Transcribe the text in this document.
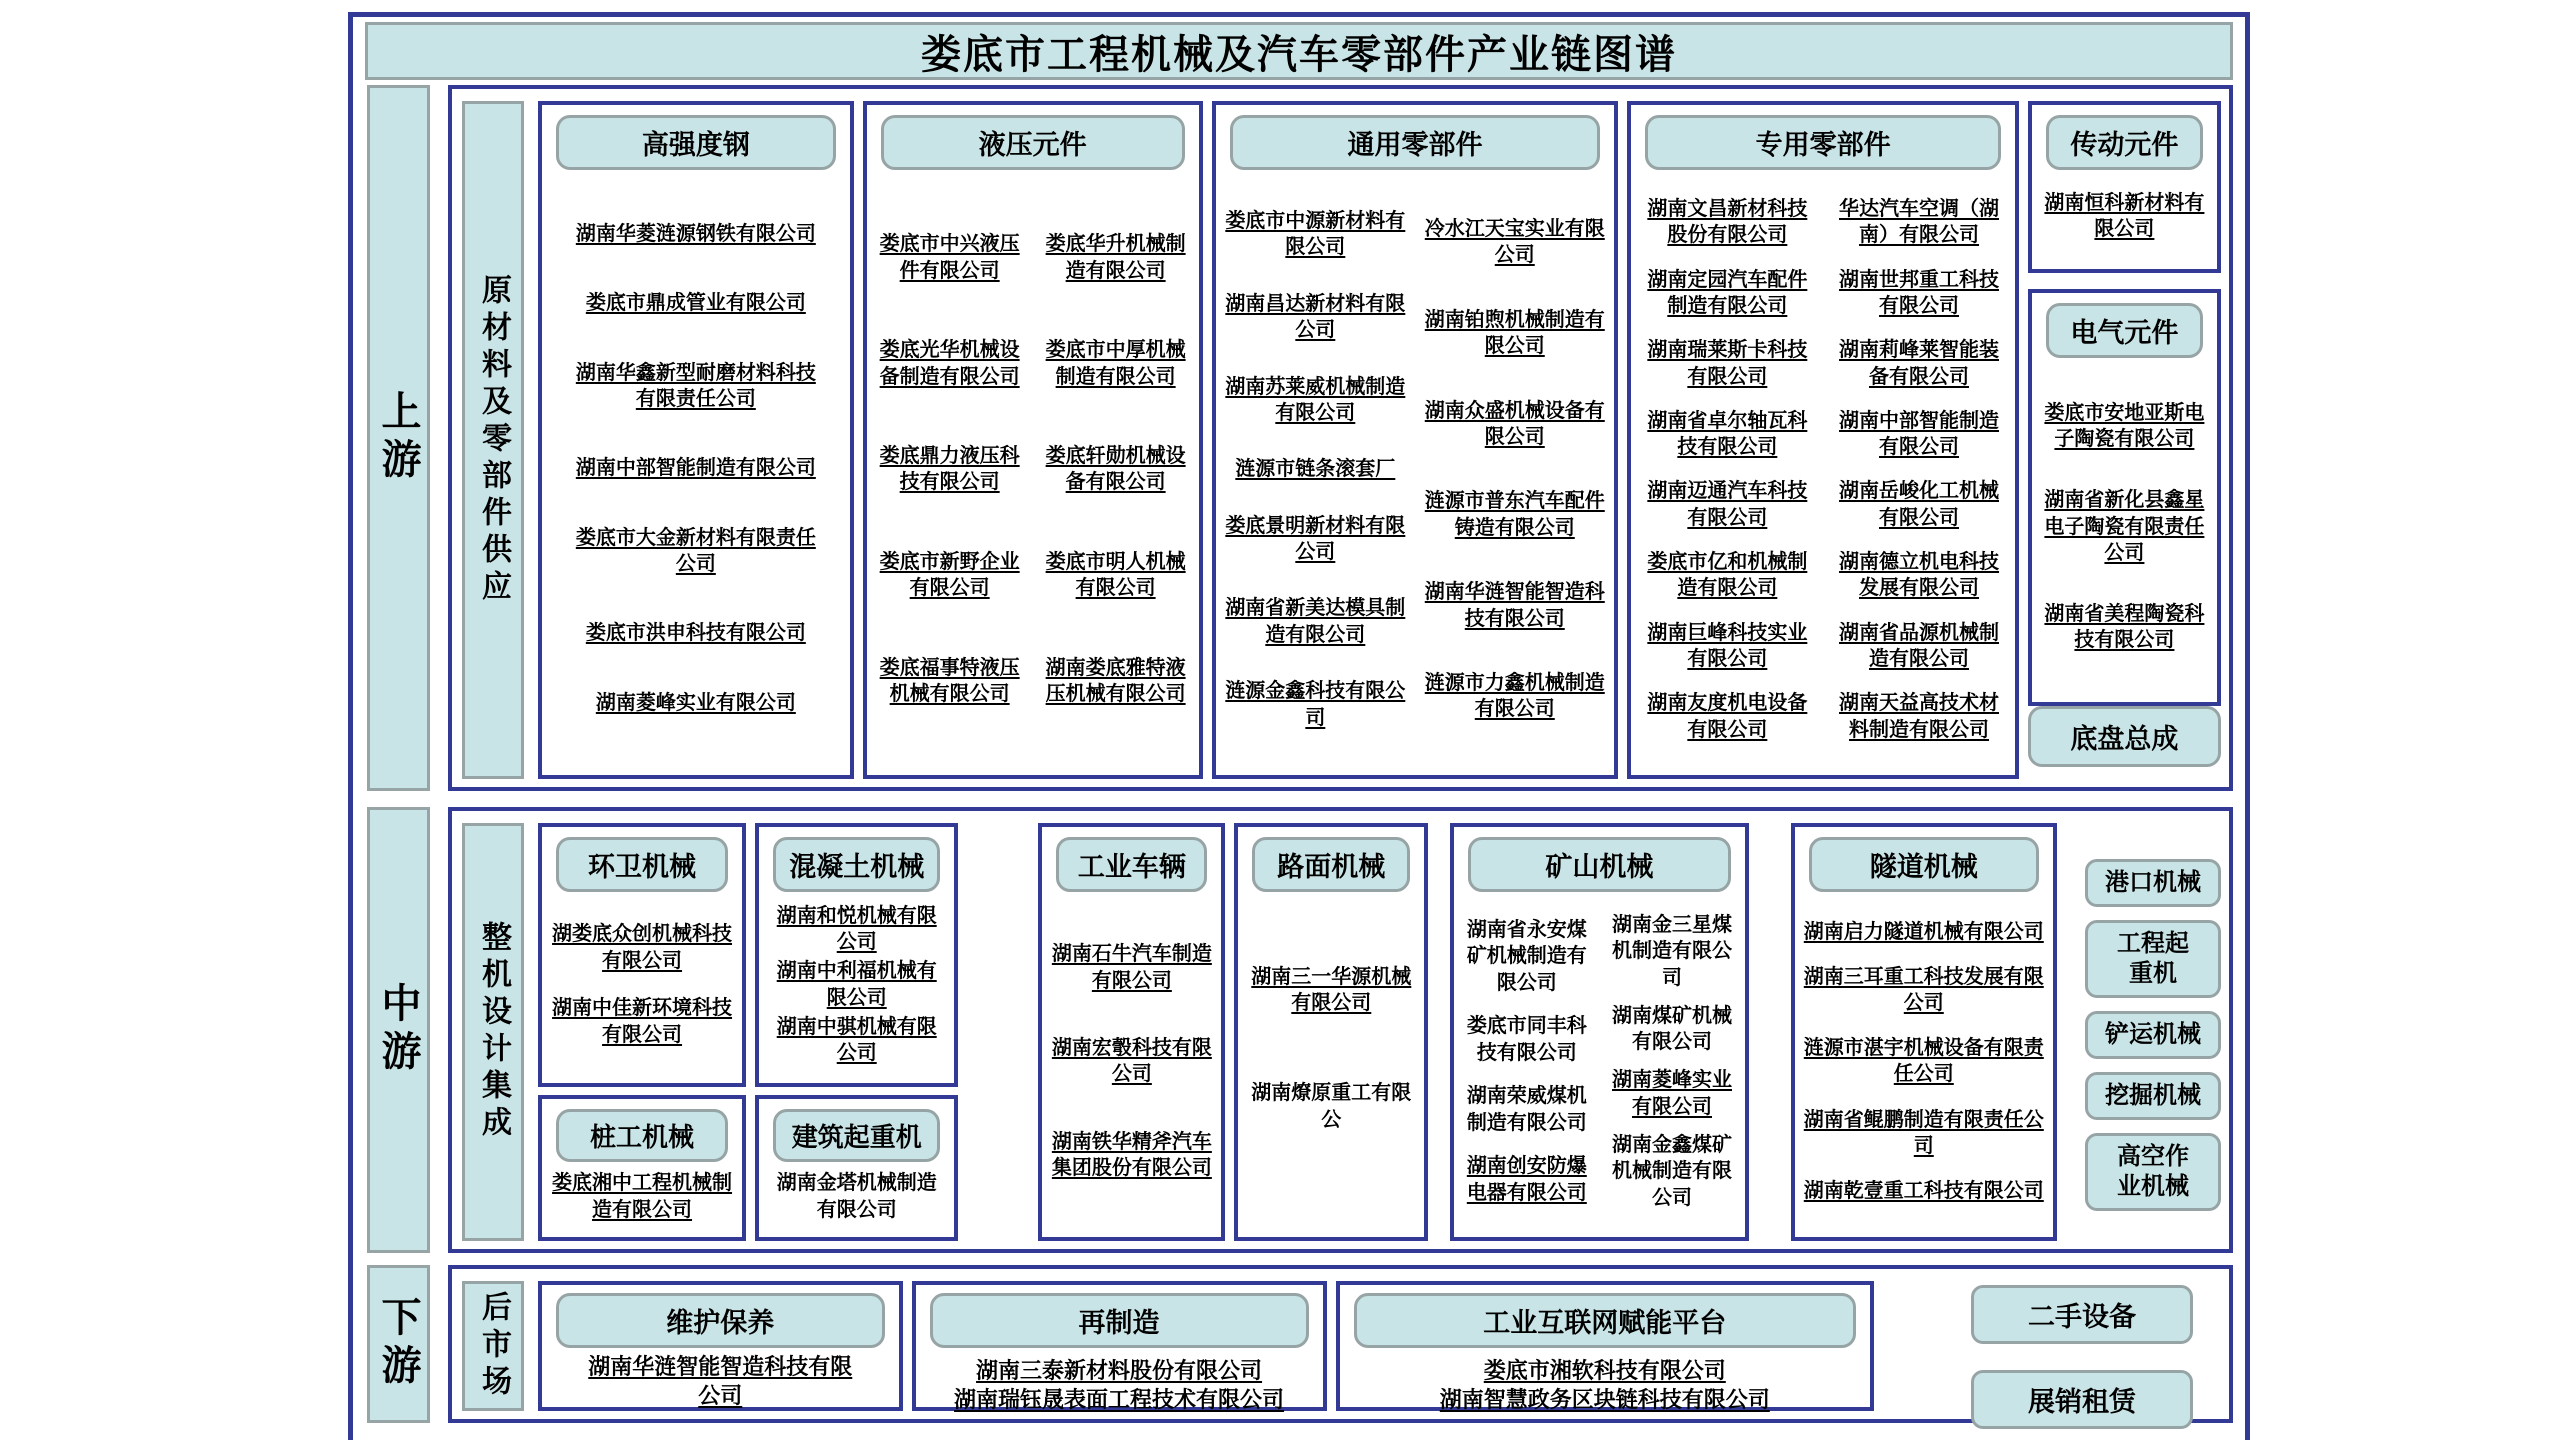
娄底市工程机械及汽车零部件产业链图谱
上游 原材料及零部件供应
高强度钢
湖南华菱涟源钢铁有限公司
娄底市鼎成管业有限公司
湖南华鑫新型耐磨材料科技有限责任公司
湖南中部智能制造有限公司
娄底市大金新材料有限责任公司
娄底市洪申科技有限公司
湖南菱峰实业有限公司
液压元件
娄底市中兴液压件有限公司
娄底光华机械设备制造有限公司
娄底鼎力液压科技有限公司
娄底市新野企业有限公司
娄底福事特液压机械有限公司
娄底华升机械制造有限公司
娄底市中厚机械制造有限公司
娄底轩勋机械设备有限公司
娄底市明人机械有限公司
湖南娄底雅特液压机械有限公司
通用零部件
娄底市中源新材料有限公司
湖南昌达新材料有限公司
湖南苏莱威机械制造有限公司
涟源市链条滚套厂
娄底景明新材料有限公司
湖南省新美达模具制造有限公司
涟源金鑫科技有限公司
冷水江天宝实业有限公司
湖南铂煦机械制造有限公司
湖南众盛机械设备有限公司
涟源市普东汽车配件铸造有限公司
湖南华涟智能智造科技有限公司
涟源市力鑫机械制造有限公司
专用零部件
湖南文昌新材科技股份有限公司
湖南定园汽车配件制造有限公司
湖南瑞莱斯卡科技有限公司
湖南省卓尔轴瓦科技有限公司
湖南迈通汽车科技有限公司
娄底市亿和机械制造有限公司
湖南巨峰科技实业有限公司
湖南友度机电设备有限公司
华达汽车空调（湖南）有限公司
湖南世邦重工科技有限公司
湖南莉峰莱智能装备有限公司
湖南中部智能制造有限公司
湖南岳峻化工机械有限公司
湖南德立机电科技发展有限公司
湖南省品源机械制造有限公司
湖南天益高技术材料制造有限公司
传动元件
湖南恒科新材料有限公司
电气元件
娄底市安地亚斯电子陶瓷有限公司
湖南省新化县鑫星电子陶瓷有限责任公司
湖南省美程陶瓷科技有限公司
底盘总成
中游 整机设计集成
环卫机械
湖娄底众创机械科技有限公司
湖南中佳新环境科技有限公司
桩工机械
娄底湘中工程机械制造有限公司
混凝土机械
湖南和悦机械有限公司
湖南中利福机械有限公司
湖南中骐机械有限公司
建筑起重机
湖南金塔机械制造有限公司
工业车辆
湖南石牛汽车制造有限公司
湖南宏彀科技有限公司
湖南铁华精斧汽车集团股份有限公司
路面机械
湖南三一华源机械有限公司
湖南燎原重工有限公
矿山机械
湖南省永安煤矿机械制造有限公司
娄底市同丰科技有限公司
湖南荣威煤机制造有限公司
湖南创安防爆电器有限公司
湖南金三星煤机制造有限公司
湖南煤矿机械有限公司
湖南菱峰实业有限公司
湖南金鑫煤矿机械制造有限公司
隧道机械
湖南启力隧道机械有限公司
湖南三耳重工科技发展有限公司
涟源市湛宇机械设备有限责任公司
湖南省鲲鹏制造有限责任公司
湖南乾壹重工科技有限公司
港口机械
工程起重机
铲运机械
挖掘机械
高空作业机械
下游 后市场	维护保养
湖南华涟智能智造科技有限公司
再制造
湖南三泰新材料股份有限公司
湖南瑞钰晟表面工程技术有限公司
工业互联网赋能平台
娄底市湘软科技有限公司
湖南智慧政务区块链科技有限公司
二手设备
展销租赁
